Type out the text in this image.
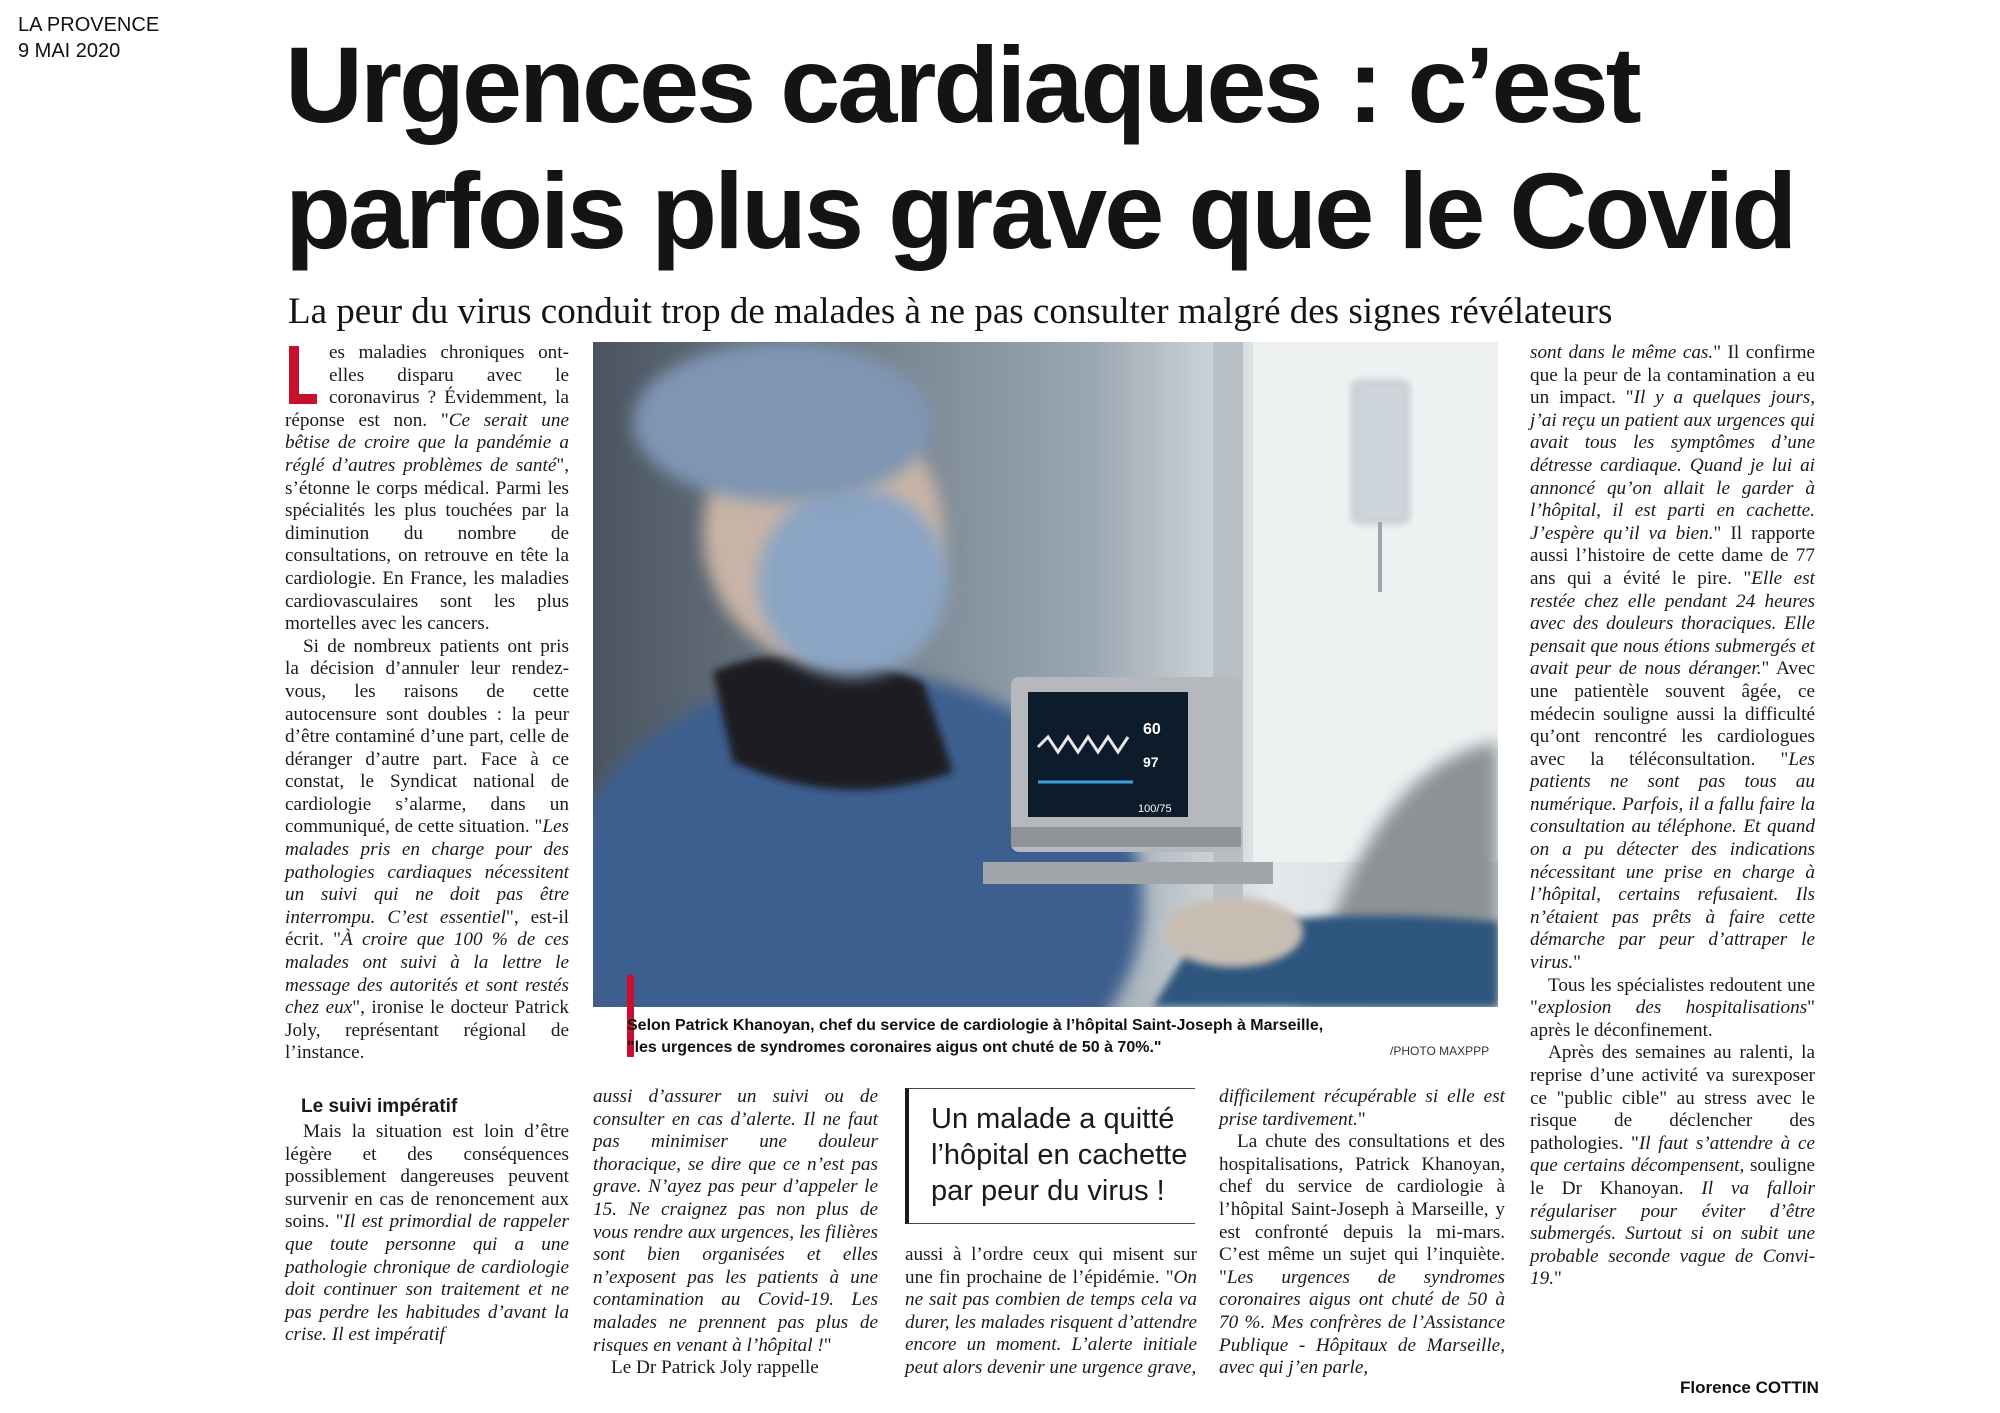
LA PROVENCE
9 MAI 2020	Urgences cardiaques : c’est
parfois plus grave que le Covid
La peur du virus conduit trop de malades à ne pas consulter malgré des signes révélateurs

es maladies chroniques ont-elles disparu avec le coronavirus ? Évidemment, la réponse est non. "Ce serait une bêtise de croire que la pandémie a réglé d’autres problèmes de santé", s’étonne le corps médical. Parmi les spécialités les plus touchées par la diminution du nombre de consultations, on retrouve en tête la cardiologie. En France, les maladies cardiovasculaires sont les plus mortelles avec les cancers.

Si de nombreux patients ont pris la décision d’annuler leur rendez-vous, les raisons de cette autocensure sont doubles : la peur d’être contaminé d’une part, celle de déranger d’autre part. Face à ce constat, le Syndicat national de cardiologie s’alarme, dans un communiqué, de cette situation. "Les malades pris en charge pour des pathologies cardiaques nécessitent un suivi qui ne doit pas être interrompu. C’est essentiel", est-il écrit. "À croire que 100 % de ces malades ont suivi à la lettre le message des autorités et sont restés chez eux", ironise le docteur Patrick Joly, représentant régional de l’instance.

Le suivi impératif

Mais la situation est loin d’être légère et des conséquences possiblement dangereuses peuvent survenir en cas de renoncement aux soins. "Il est primordial de rappeler que toute personne qui a une pathologie chronique de cardiologie doit continuer son traitement et ne pas perdre les habitudes d’avant la crise. Il est impératif

60
97
100/75
Selon Patrick Khanoyan, chef du service de cardiologie à l’hôpital Saint-Joseph à Marseille,
"les urgences de syndromes coronaires aigus ont chuté de 50 à 70%."	/PHOTO MAXPPP

aussi d’assurer un suivi ou de consulter en cas d’alerte. Il ne faut pas minimiser une douleur thoracique, se dire que ce n’est pas grave. N’ayez pas peur d’appeler le 15. Ne craignez pas non plus de vous rendre aux urgences, les filières sont bien organisées et elles n’exposent pas les patients à une contamination au Covid-19. Les malades ne prennent pas plus de risques en venant à l’hôpital !"

Le Dr Patrick Joly rappelle

Un malade a quitté l’hôpital en cachette par peur du virus !

aussi à l’ordre ceux qui misent sur une fin prochaine de l’épidémie. "On ne sait pas combien de temps cela va durer, les malades risquent d’attendre encore un moment. L’alerte initiale peut alors devenir une urgence grave,

difficilement récupérable si elle est prise tardivement."

La chute des consultations et des hospitalisations, Patrick Khanoyan, chef du service de cardiologie à l’hôpital Saint-Joseph à Marseille, y est confronté depuis la mi-mars. C’est même un sujet qui l’inquiète. "Les urgences de syndromes coronaires aigus ont chuté de 50 à 70 %. Mes confrères de l’Assistance Publique - Hôpitaux de Marseille, avec qui j’en parle,

sont dans le même cas." Il confirme que la peur de la contamination a eu un impact. "Il y a quelques jours, j’ai reçu un patient aux urgences qui avait tous les symptômes d’une détresse cardiaque. Quand je lui ai annoncé qu’on allait le garder à l’hôpital, il est parti en cachette. J’espère qu’il va bien." Il rapporte aussi l’histoire de cette dame de 77 ans qui a évité le pire. "Elle est restée chez elle pendant 24 heures avec des douleurs thoraciques. Elle pensait que nous étions submergés et avait peur de nous déranger." Avec une patientèle souvent âgée, ce médecin souligne aussi la difficulté qu’ont rencontré les cardiologues avec la téléconsultation. "Les patients ne sont pas tous au numérique. Parfois, il a fallu faire la consultation au téléphone. Et quand on a pu détecter des indications nécessitant une prise en charge à l’hôpital, certains refusaient. Ils n’étaient pas prêts à faire cette démarche par peur d’attraper le virus."

Tous les spécialistes redoutent une "explosion des hospitalisations" après le déconfinement.

Après des semaines au ralenti, la reprise d’une activité va surexposer ce "public cible" au stress avec le risque de déclencher des pathologies. "Il faut s’attendre à ce que certains décompensent, souligne le Dr Khanoyan. Il va falloir régulariser pour éviter d’être submergés. Surtout si on subit une probable seconde vague de Convi-19."

Florence COTTIN
